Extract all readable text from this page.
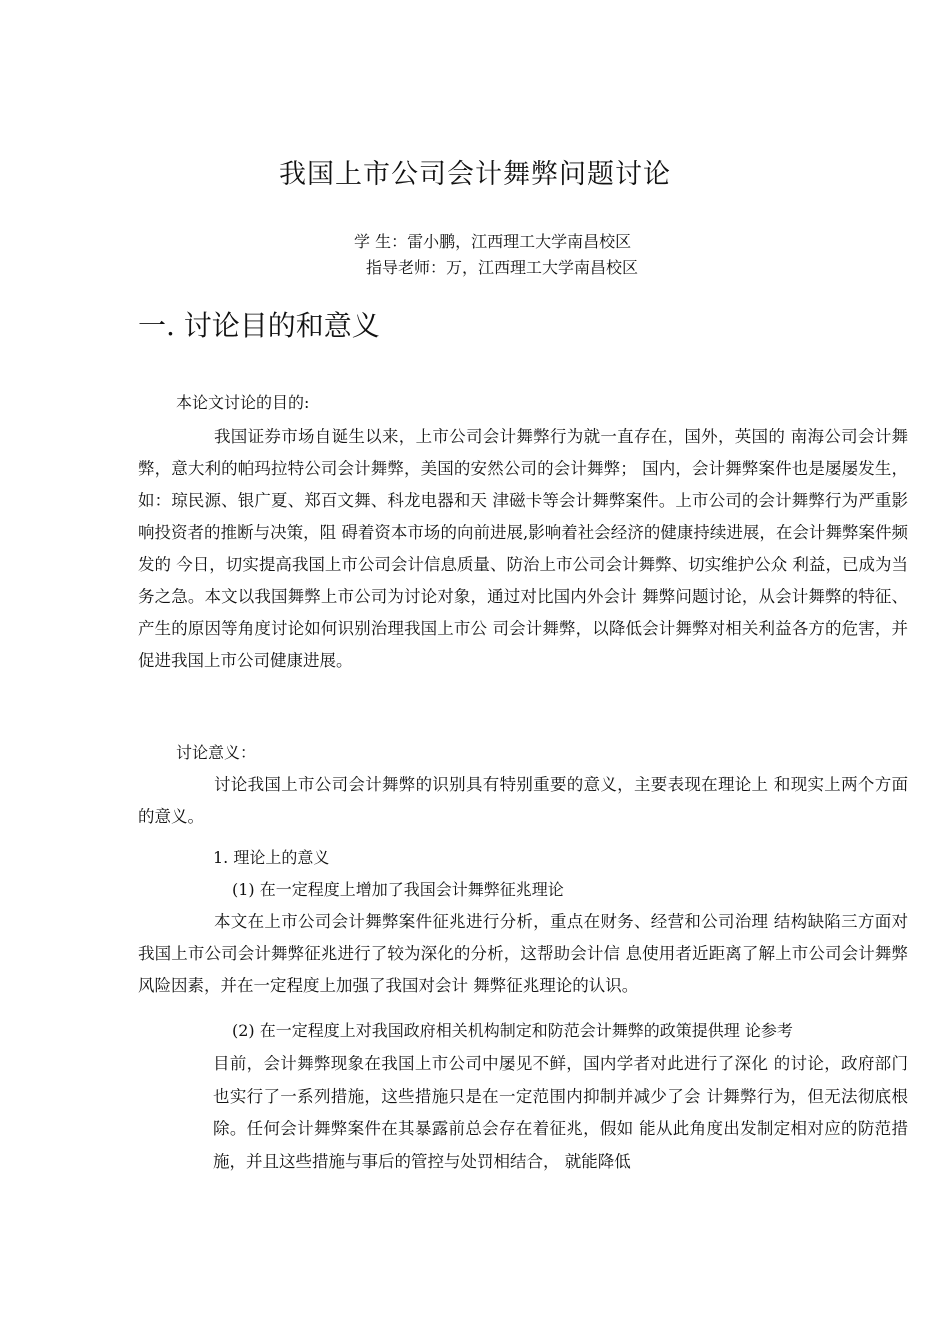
我国上市公司会计舞弊问题讨论
学 生：雷小鹏，江西理工大学南昌校区
指导老师：万，江西理工大学南昌校区
一. 讨论目的和意义
本论文讨论的目的:

我国证券市场自诞生以来，上市公司会计舞弊行为就一直存在，国外，英国的 南海公司会计舞弊，意大利的帕玛拉特公司会计舞弊，美国的安然公司的会计舞弊； 国内，会计舞弊案件也是屡屡发生，如：琼民源、银广夏、郑百文舞、科龙电器和天 津磁卡等会计舞弊案件。上市公司的会计舞弊行为严重影响投资者的推断与决策，阻 碍着资本市场的向前进展,影响着社会经济的健康持续进展，在会计舞弊案件频发的 今日，切实提高我国上市公司会计信息质量、防治上市公司会计舞弊、切实维护公众 利益，已成为当务之急。本文以我国舞弊上市公司为讨论对象，通过对比国内外会计 舞弊问题讨论，从会计舞弊的特征、产生的原因等角度讨论如何识别治理我国上市公 司会计舞弊，以降低会计舞弊对相关利益各方的危害，并促进我国上市公司健康进展。

讨论意义：

讨论我国上市公司会计舞弊的识别具有特别重要的意义，主要表现在理论上 和现实上两个方面的意义。

1. 理论上的意义
(1) 在一定程度上增加了我国会计舞弊征兆理论

本文在上市公司会计舞弊案件征兆进行分析，重点在财务、经营和公司治理 结构缺陷三方面对我国上市公司会计舞弊征兆进行了较为深化的分析，这帮助会计信 息使用者近距离了解上市公司会计舞弊风险因素，并在一定程度上加强了我国对会计 舞弊征兆理论的认识。

(2) 在一定程度上对我国政府相关机构制定和防范会计舞弊的政策提供理 论参考

目前，会计舞弊现象在我国上市公司中屡见不鲜，国内学者对此进行了深化 的讨论，政府部门也实行了一系列措施，这些措施只是在一定范围内抑制并减少了会 计舞弊行为，但无法彻底根除。任何会计舞弊案件在其暴露前总会存在着征兆，假如 能从此角度出发制定相对应的防范措施，并且这些措施与事后的管控与处罚相结合， 就能降低
